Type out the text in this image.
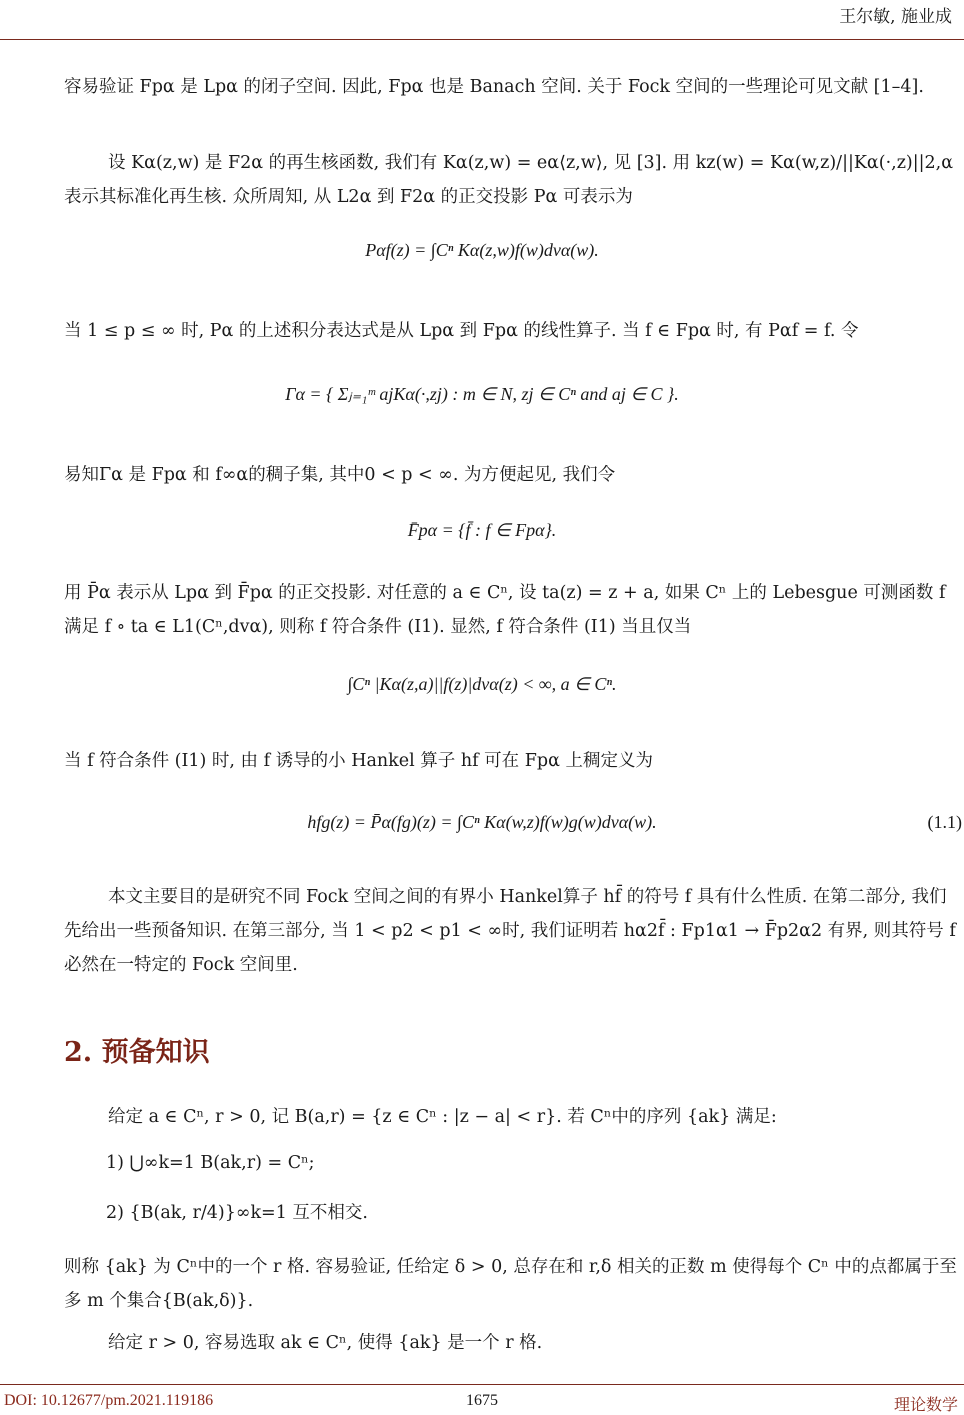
王尔敏, 施业成

容易验证 Fpα 是 Lpα 的闭子空间. 因此, Fpα 也是 Banach 空间. 关于 Fock 空间的一些理论可见文献 [1–4].

设 Kα(z,w) 是 F2α 的再生核函数, 我们有 Kα(z,w) = eα⟨z,w⟩, 见 [3]. 用 kz(w) = Kα(w,z)/||Kα(·,z)||2,α 表示其标准化再生核. 众所周知, 从 L2α 到 F2α 的正交投影 Pα 可表示为

Pαf(z) = ∫Cⁿ Kα(z,w)f(w)dvα(w).

当 1 ≤ p ≤ ∞ 时, Pα 的上述积分表达式是从 Lpα 到 Fpα 的线性算子. 当 f ∈ Fpα 时, 有 Pαf = f. 令

Γα = { Σⱼ₌₁ᵐ ajKα(·,zj) : m ∈ N, zj ∈ Cⁿ and aj ∈ C }.

易知Γα 是 Fpα 和 f∞α的稠子集, 其中0 < p < ∞. 为方便起见, 我们令

F̄pα = {f̄ : f ∈ Fpα}.

用 P̄α 表示从 Lpα 到 F̄pα 的正交投影. 对任意的 a ∈ Cⁿ, 设 ta(z) = z + a, 如果 Cⁿ 上的 Lebesgue 可测函数 f 满足 f ∘ ta ∈ L1(Cⁿ,dvα), 则称 f 符合条件 (I1). 显然, f 符合条件 (I1) 当且仅当

∫Cⁿ |Kα(z,a)||f(z)|dvα(z) < ∞, a ∈ Cⁿ.

当 f 符合条件 (I1) 时, 由 f 诱导的小 Hankel 算子 hf 可在 Fpα 上稠定义为

hfg(z) = P̄α(fg)(z) = ∫Cⁿ Kα(w,z)f(w)g(w)dvα(w).	(1.1)

本文主要目的是研究不同 Fock 空间之间的有界小 Hankel算子 hf̄ 的符号 f 具有什么性质. 在第二部分, 我们先给出一些预备知识. 在第三部分, 当 1 < p2 < p1 < ∞时, 我们证明若 hα2f̄ : Fp1α1 → F̄p2α2 有界, 则其符号 f 必然在一特定的 Fock 空间里.

2. 预备知识

给定 a ∈ Cⁿ, r > 0, 记 B(a,r) = {z ∈ Cⁿ : |z − a| < r}. 若 Cⁿ中的序列 {ak} 满足:

1) ⋃∞k=1 B(ak,r) = Cⁿ;
2) {B(ak, r/4)}∞k=1 互不相交.

则称 {ak} 为 Cⁿ中的一个 r 格. 容易验证, 任给定 δ > 0, 总存在和 r,δ 相关的正数 m 使得每个 Cⁿ 中的点都属于至多 m 个集合{B(ak,δ)}.

给定 r > 0, 容易选取 ak ∈ Cⁿ, 使得 {ak} 是一个 r 格.

DOI: 10.12677/pm.2021.119186	1675	理论数学
